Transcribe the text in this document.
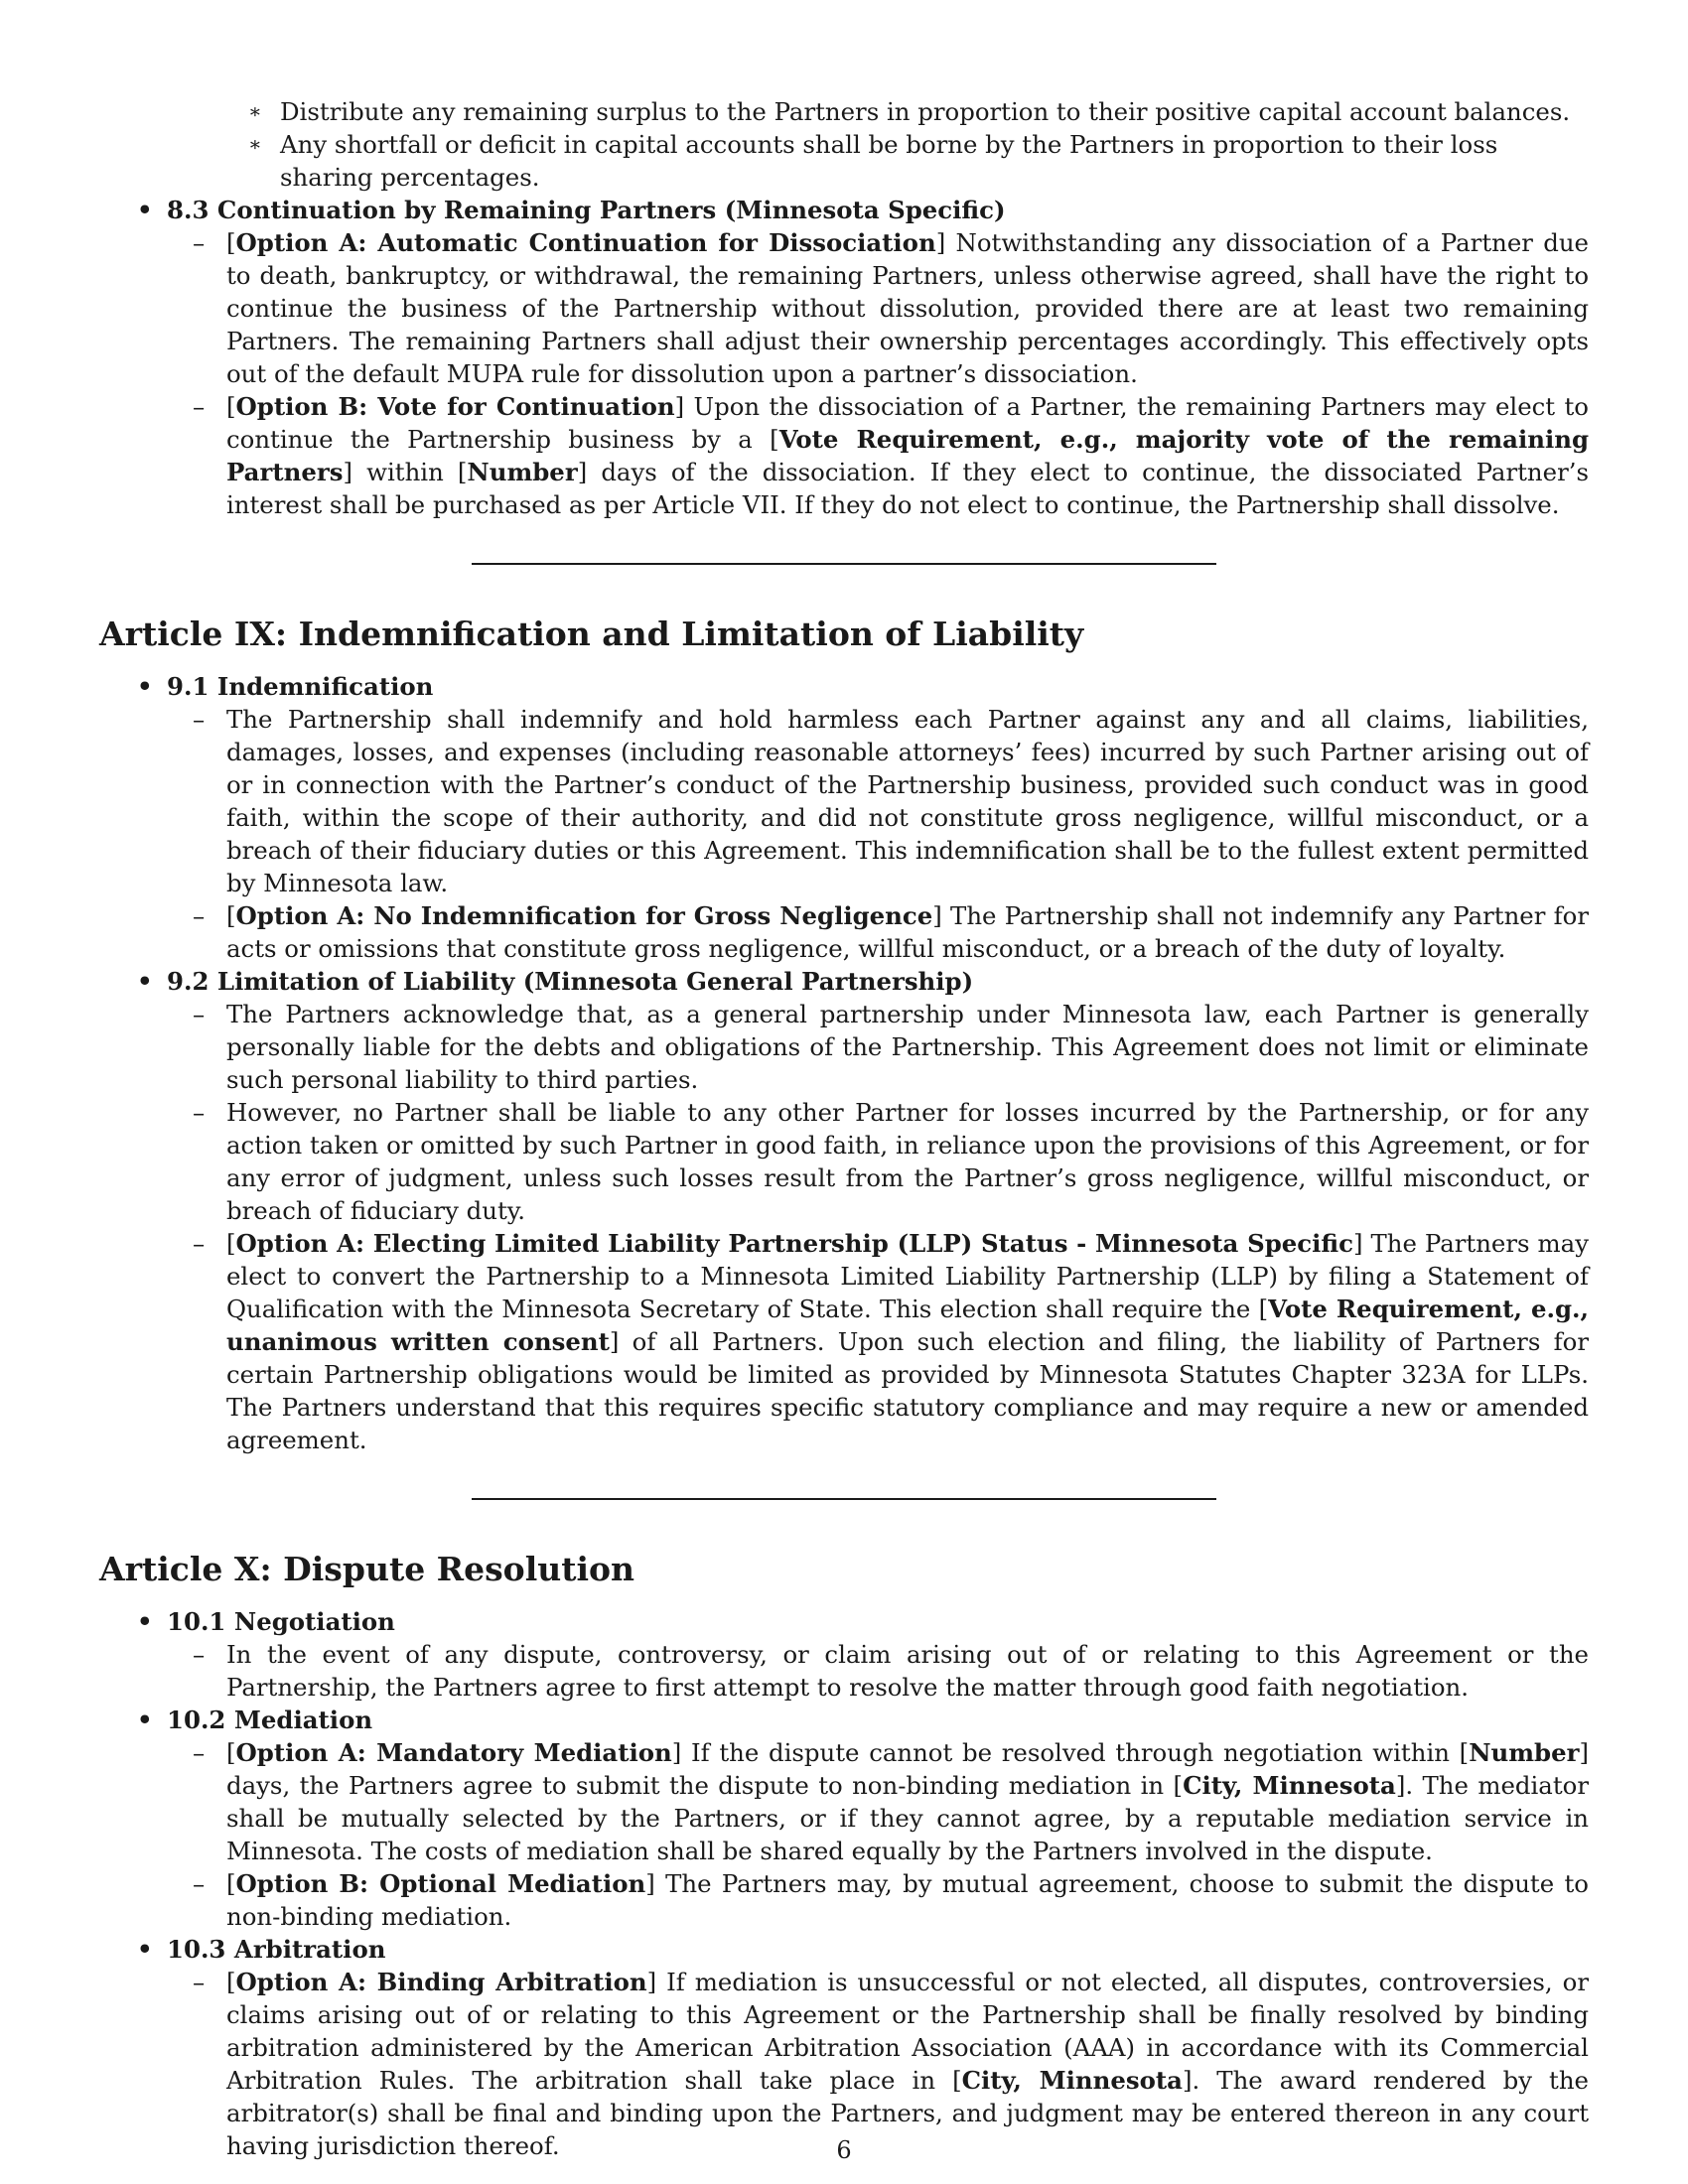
∗ Distribute any remaining surplus to the Partners in proportion to their positive capital account balances.
∗ Any shortfall or deficit in capital accounts shall be borne by the Partners in proportion to their loss sharing percentages.
• 8.3 Continuation by Remaining Partners (Minnesota Specific)
– [Option A: Automatic Continuation for Dissociation] Notwithstanding any dissociation of a Partner due to death, bankruptcy, or withdrawal, the remaining Partners, unless otherwise agreed, shall have the right to continue the business of the Partnership without dissolution, provided there are at least two remaining Partners. The remaining Partners shall adjust their ownership percentages accordingly. This effectively opts out of the default MUPA rule for dissolution upon a partner’s dissociation.
– [Option B: Vote for Continuation] Upon the dissociation of a Partner, the remaining Partners may elect to continue the Partnership business by a [Vote Requirement, e.g., majority vote of the remaining Partners] within [Number] days of the dissociation. If they elect to continue, the dissociated Partner’s interest shall be purchased as per Article VII. If they do not elect to continue, the Partnership shall dissolve.
Article IX: Indemnification and Limitation of Liability
• 9.1 Indemnification
– The Partnership shall indemnify and hold harmless each Partner against any and all claims, liabilities, damages, losses, and expenses (including reasonable attorneys’ fees) incurred by such Partner arising out of or in connection with the Partner’s conduct of the Partnership business, provided such conduct was in good faith, within the scope of their authority, and did not constitute gross negligence, willful misconduct, or a breach of their fiduciary duties or this Agreement. This indemnification shall be to the fullest extent permitted by Minnesota law.
– [Option A: No Indemnification for Gross Negligence] The Partnership shall not indemnify any Partner for acts or omissions that constitute gross negligence, willful misconduct, or a breach of the duty of loyalty.
• 9.2 Limitation of Liability (Minnesota General Partnership)
– The Partners acknowledge that, as a general partnership under Minnesota law, each Partner is generally personally liable for the debts and obligations of the Partnership. This Agreement does not limit or eliminate such personal liability to third parties.
– However, no Partner shall be liable to any other Partner for losses incurred by the Partnership, or for any action taken or omitted by such Partner in good faith, in reliance upon the provisions of this Agreement, or for any error of judgment, unless such losses result from the Partner’s gross negligence, willful misconduct, or breach of fiduciary duty.
– [Option A: Electing Limited Liability Partnership (LLP) Status - Minnesota Specific] The Partners may elect to convert the Partnership to a Minnesota Limited Liability Partnership (LLP) by filing a Statement of Qualification with the Minnesota Secretary of State. This election shall require the [Vote Requirement, e.g., unanimous written consent] of all Partners. Upon such election and filing, the liability of Partners for certain Partnership obligations would be limited as provided by Minnesota Statutes Chapter 323A for LLPs. The Partners understand that this requires specific statutory compliance and may require a new or amended agreement.
Article X: Dispute Resolution
• 10.1 Negotiation
– In the event of any dispute, controversy, or claim arising out of or relating to this Agreement or the Partnership, the Partners agree to first attempt to resolve the matter through good faith negotiation.
• 10.2 Mediation
– [Option A: Mandatory Mediation] If the dispute cannot be resolved through negotiation within [Number] days, the Partners agree to submit the dispute to non-binding mediation in [City, Minnesota]. The mediator shall be mutually selected by the Partners, or if they cannot agree, by a reputable mediation service in Minnesota. The costs of mediation shall be shared equally by the Partners involved in the dispute.
– [Option B: Optional Mediation] The Partners may, by mutual agreement, choose to submit the dispute to non-binding mediation.
• 10.3 Arbitration
– [Option A: Binding Arbitration] If mediation is unsuccessful or not elected, all disputes, controversies, or claims arising out of or relating to this Agreement or the Partnership shall be finally resolved by binding arbitration administered by the American Arbitration Association (AAA) in accordance with its Commercial Arbitration Rules. The arbitration shall take place in [City, Minnesota]. The award rendered by the arbitrator(s) shall be final and binding upon the Partners, and judgment may be entered thereon in any court having jurisdiction thereof.	6
